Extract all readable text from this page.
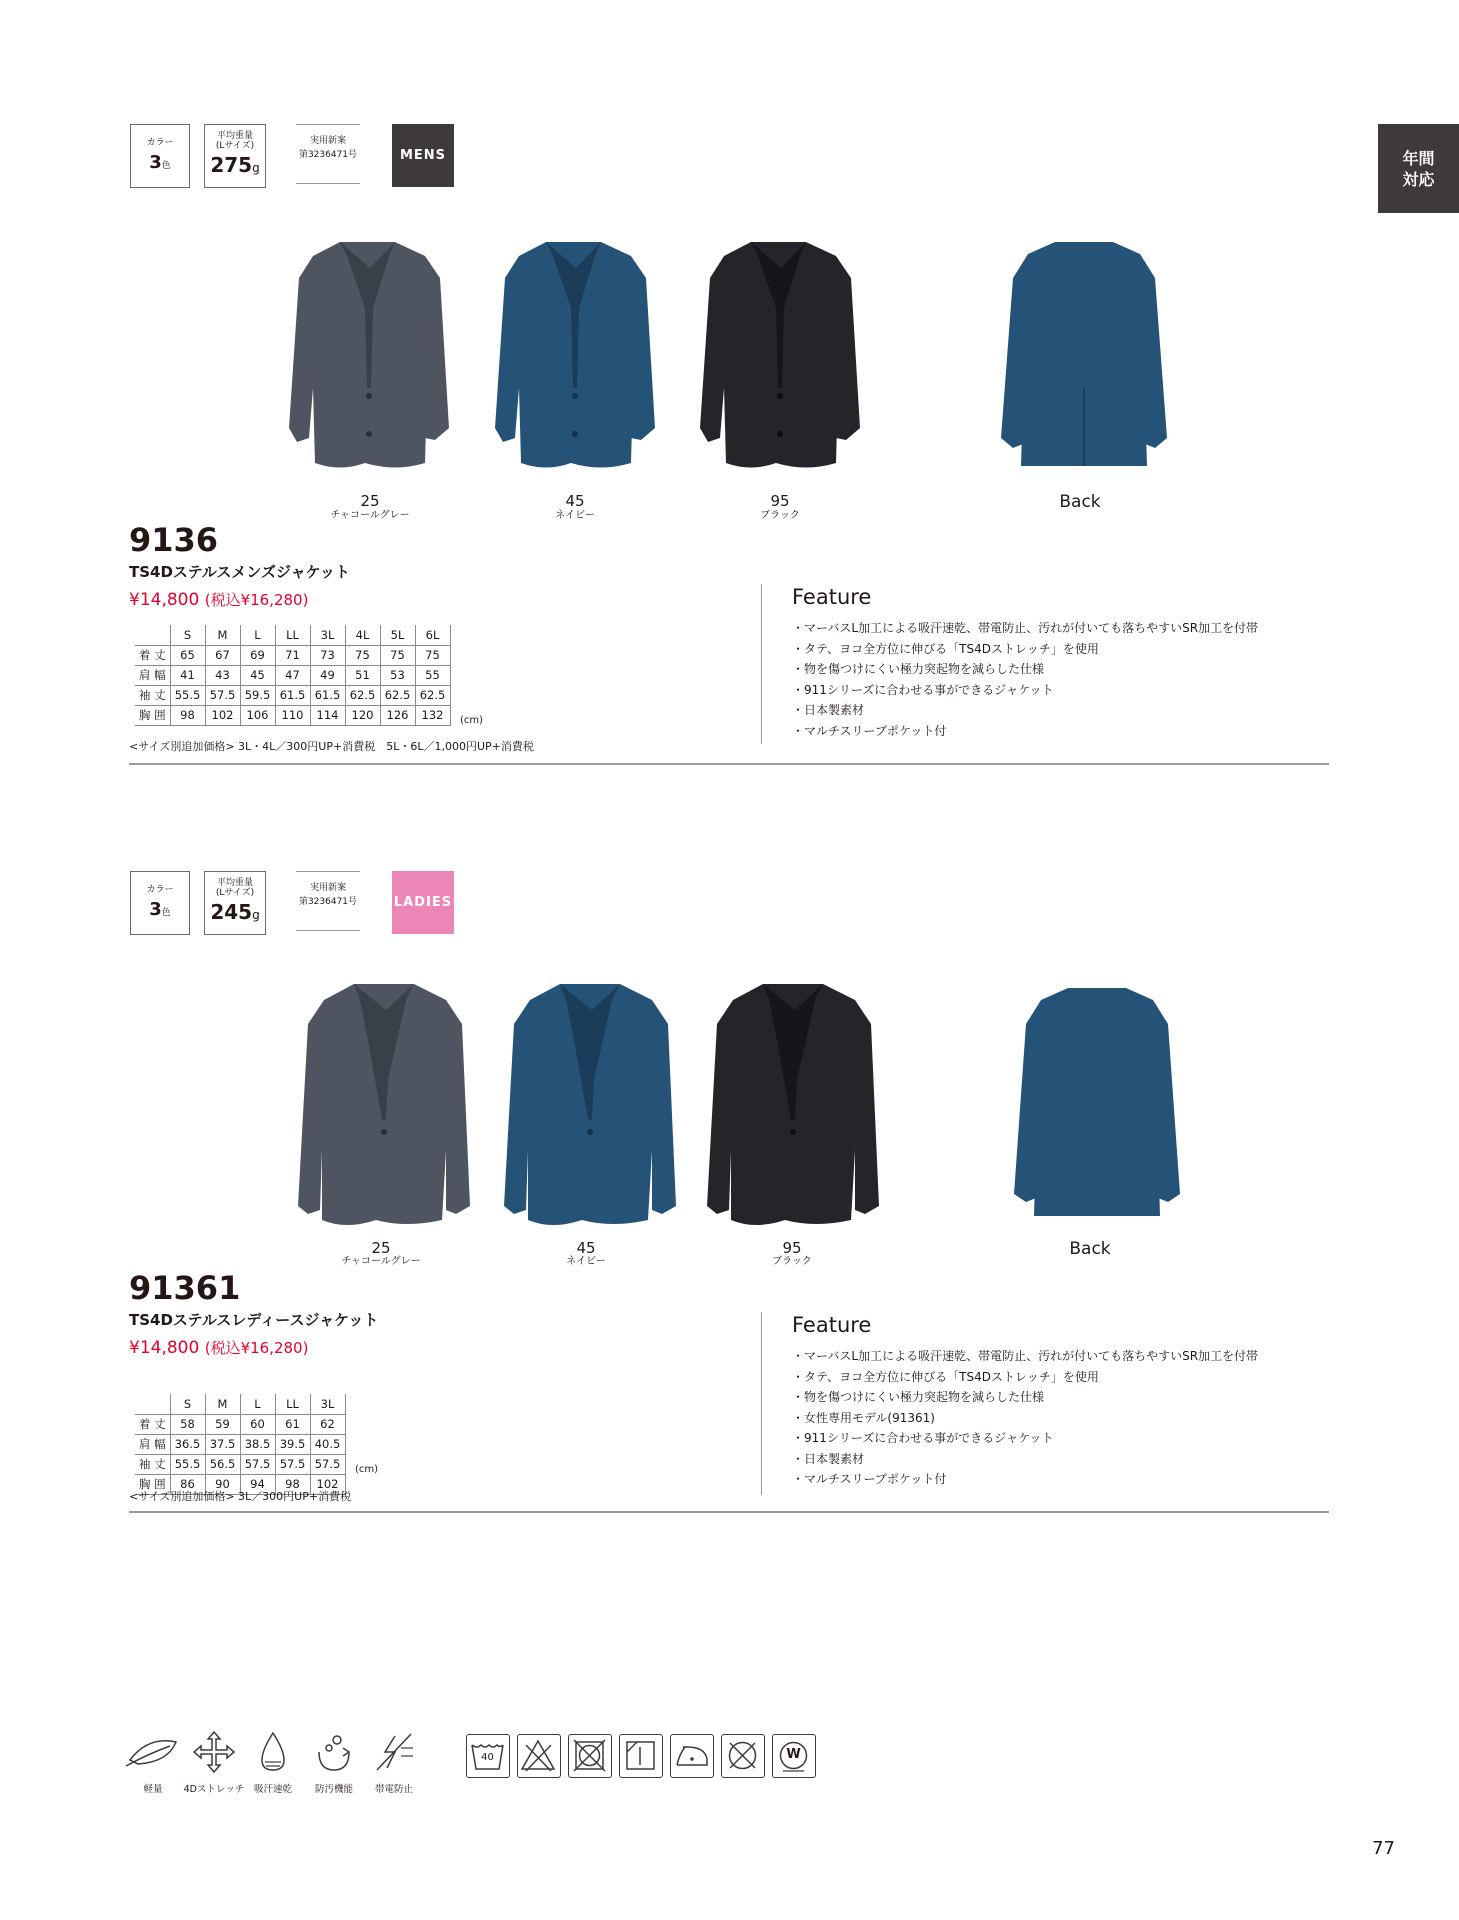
年間
対応
カラー
3色
平均重量
(Lサイズ)
275g
実用新案
第3236471号	MENS
25
チャコールグレー
45
ネイビー
95
ブラック
Back
9136
TS4Dステルスメンズジャケット
¥14,800 (税込¥16,280)
	S	M	L	LL	3L	4L	5L	6L
着 丈	65	67	69	71	73	75	75	75
肩 幅	41	43	45	47	49	51	53	55
袖 丈	55.5	57.5	59.5	61.5	61.5	62.5	62.5	62.5
胸 囲	98	102	106	110	114	120	126	132 (cm)
<サイズ別追加価格> 3L・4L／300円UP+消費税　5L・6L／1,000円UP+消費税
Feature
・マーバスL加工による吸汗速乾、帯電防止、汚れが付いても落ちやすいSR加工を付帯
・タテ、ヨコ全方位に伸びる「TS4Dストレッチ」を使用
・物を傷つけにくい極力突起物を減らした仕様
・911シリーズに合わせる事ができるジャケット
・日本製素材
・マルチスリーブポケット付
カラー
3色
平均重量
(Lサイズ)
245g
実用新案
第3236471号	LADIES
25
チャコールグレー
45
ネイビー
95
ブラック
Back
91361
TS4Dステルスレディースジャケット
¥14,800 (税込¥16,280)
	S	M	L	LL	3L
着 丈	58	59	60	61	62
肩 幅	36.5	37.5	38.5	39.5	40.5
袖 丈	55.5	56.5	57.5	57.5	57.5
胸 囲	86	90	94	98	102
(cm)
<サイズ別追加価格> 3L／300円UP+消費税
Feature
・マーバスL加工による吸汗速乾、帯電防止、汚れが付いても落ちやすいSR加工を付帯
・タテ、ヨコ全方位に伸びる「TS4Dストレッチ」を使用
・物を傷つけにくい極力突起物を減らした仕様
・女性専用モデル(91361)
・911シリーズに合わせる事ができるジャケット
・日本製素材
・マルチスリーブポケット付
軽量	4Dストレッチ	吸汗速乾	防汚機能	帯電防止
40	W
77
